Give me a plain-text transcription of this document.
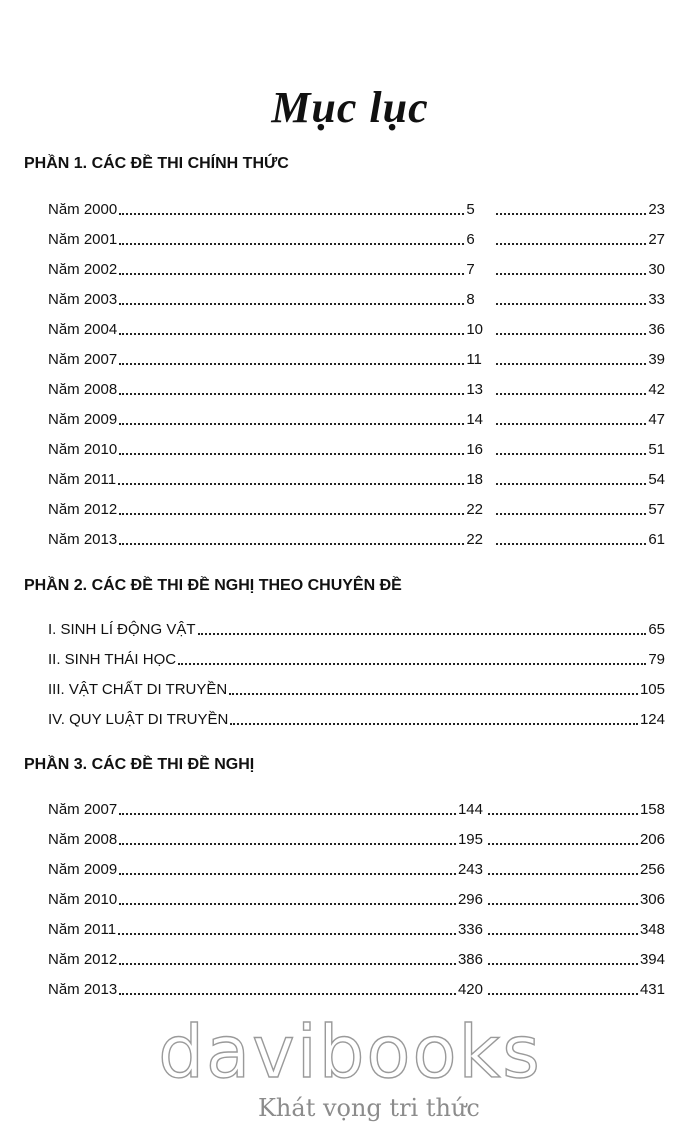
Mục lục
PHẦN 1. CÁC ĐỀ THI CHÍNH THỨC
Năm 2000	5	23
Năm 2001	6	27
Năm 2002	7	30
Năm 2003	8	33
Năm 2004	10	36
Năm 2007	11	39
Năm 2008	13	42
Năm 2009	14	47
Năm 2010	16	51
Năm 2011	18	54
Năm 2012	22	57
Năm 2013	22	61
PHẦN 2. CÁC ĐỀ THI ĐỀ NGHỊ THEO CHUYÊN ĐỀ
I. SINH LÍ ĐỘNG VẬT	65
II. SINH THÁI HỌC	79
III. VẬT CHẤT DI TRUYỀN	105
IV. QUY LUẬT DI TRUYỀN	124
PHẦN 3. CÁC ĐỀ THI ĐỀ NGHỊ
Năm 2007	144	158
Năm 2008	195	206
Năm 2009	243	256
Năm 2010	296	306
Năm 2011	336	348
Năm 2012	386	394
Năm 2013	420	431
davibooks
Khát vọng tri thức
